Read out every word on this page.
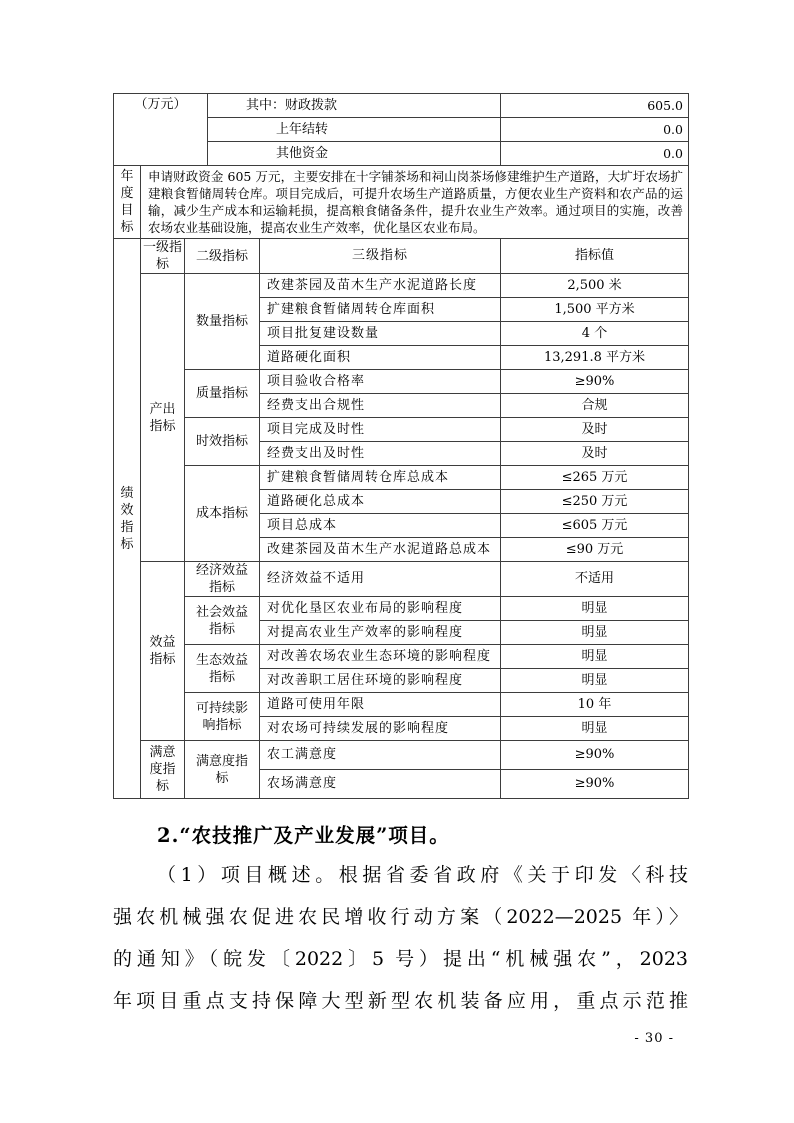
（万元）	其中：财政拨款	605.0
	上年结转	0.0
	其他资金	0.0
年度目标
	申请财政资金 605 万元，主要安排在十字铺茶场和祠山岗茶场修建维护生产道路，大圹圩农场扩建粮食暂储周转仓库。项目完成后，可提升农场生产道路质量，方便农业生产资料和农产品的运输，减少生产成本和运输耗损，提高粮食储备条件，提升农业生产效率。通过项目的实施，改善农场农业基础设施，提高农业生产效率，优化垦区农业布局。
绩效指标	一级指标	二级指标	三级指标	指标值
	产出指标	数量指标	改建茶园及苗木生产水泥道路长度	2,500 米
			扩建粮食暂储周转仓库面积	1,500 平方米
			项目批复建设数量	4 个
			道路硬化面积	13,291.8 平方米
		质量指标	项目验收合格率	≥90%
			经费支出合规性	合规
		时效指标	项目完成及时性	及时
			经费支出及时性	及时
		成本指标	扩建粮食暂储周转仓库总成本	≤265 万元
			道路硬化总成本	≤250 万元
			项目总成本	≤605 万元
			改建茶园及苗木生产水泥道路总成本	≤90 万元
	效益指标	经济效益指标	经济效益不适用	不适用
		社会效益指标	对优化垦区农业布局的影响程度	明显
			对提高农业生产效率的影响程度	明显
		生态效益指标	对改善农场农业生态环境的影响程度	明显
			对改善职工居住环境的影响程度	明显
		可持续影响指标	道路可使用年限	10 年
			对农场可持续发展的影响程度	明显
	满意度指标	满意度指标	农工满意度	≥90%
			农场满意度	≥90%
2.“农技推广及产业发展”项目。
（1）项目概述。根据省委省政府《关于印发〈科技
强农机械强农促进农民增收行动方案（2022—2025 年）〉
的通知》（皖发〔2022〕5 号）提出“机械强农”，2023
年项目重点支持保障大型新型农机装备应用，重点示范推
- 30 -
